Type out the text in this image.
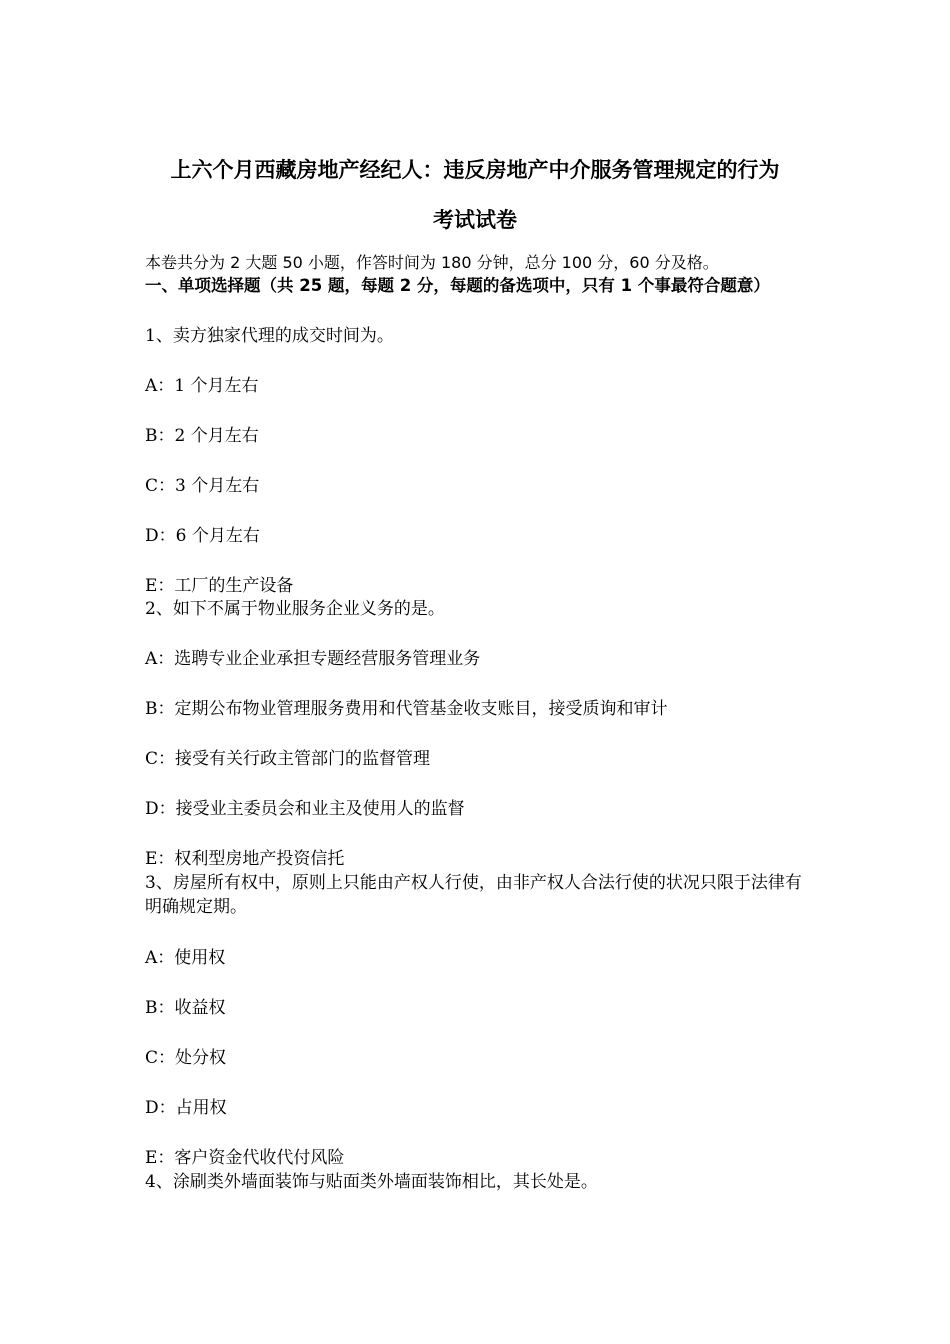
上六个月西藏房地产经纪人：违反房地产中介服务管理规定的行为
考试试卷
本卷共分为 2 大题 50 小题，作答时间为 180 分钟，总分 100 分，60 分及格。
一、单项选择题（共 25 题，每题 2 分，每题的备选项中，只有 1 个事最符合题意）
1、卖方独家代理的成交时间为。
A：1 个月左右
B：2 个月左右
C：3 个月左右
D：6 个月左右
E：工厂的生产设备
2、如下不属于物业服务企业义务的是。
A：选聘专业企业承担专题经营服务管理业务
B：定期公布物业管理服务费用和代管基金收支账目，接受质询和审计
C：接受有关行政主管部门的监督管理
D：接受业主委员会和业主及使用人的监督
E：权利型房地产投资信托
3、房屋所有权中，原则上只能由产权人行使，由非产权人合法行使的状况只限于法律有明确规定期。
A：使用权
B：收益权
C：处分权
D：占用权
E：客户资金代收代付风险
4、涂刷类外墙面装饰与贴面类外墙面装饰相比，其长处是。
